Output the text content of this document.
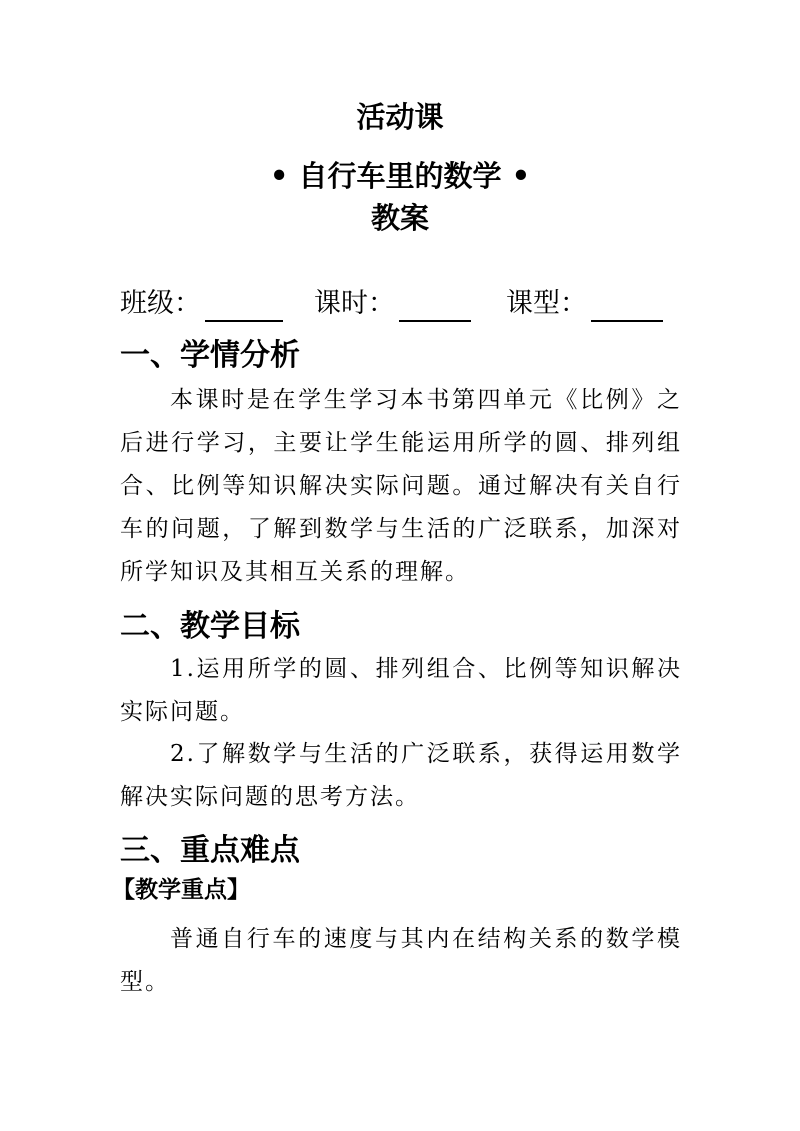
活动课
• 自行车里的数学 •
教案
班级：	课时：	课型：
一、学情分析
本课时是在学生学习本书第四单元《比例》之后进行学习，主要让学生能运用所学的圆、排列组合、比例等知识解决实际问题。通过解决有关自行车的问题，了解到数学与生活的广泛联系，加深对所学知识及其相互关系的理解。
二、教学目标
1.运用所学的圆、排列组合、比例等知识解决实际问题。
2.了解数学与生活的广泛联系，获得运用数学解决实际问题的思考方法。
三、重点难点
【教学重点】
普通自行车的速度与其内在结构关系的数学模型。
